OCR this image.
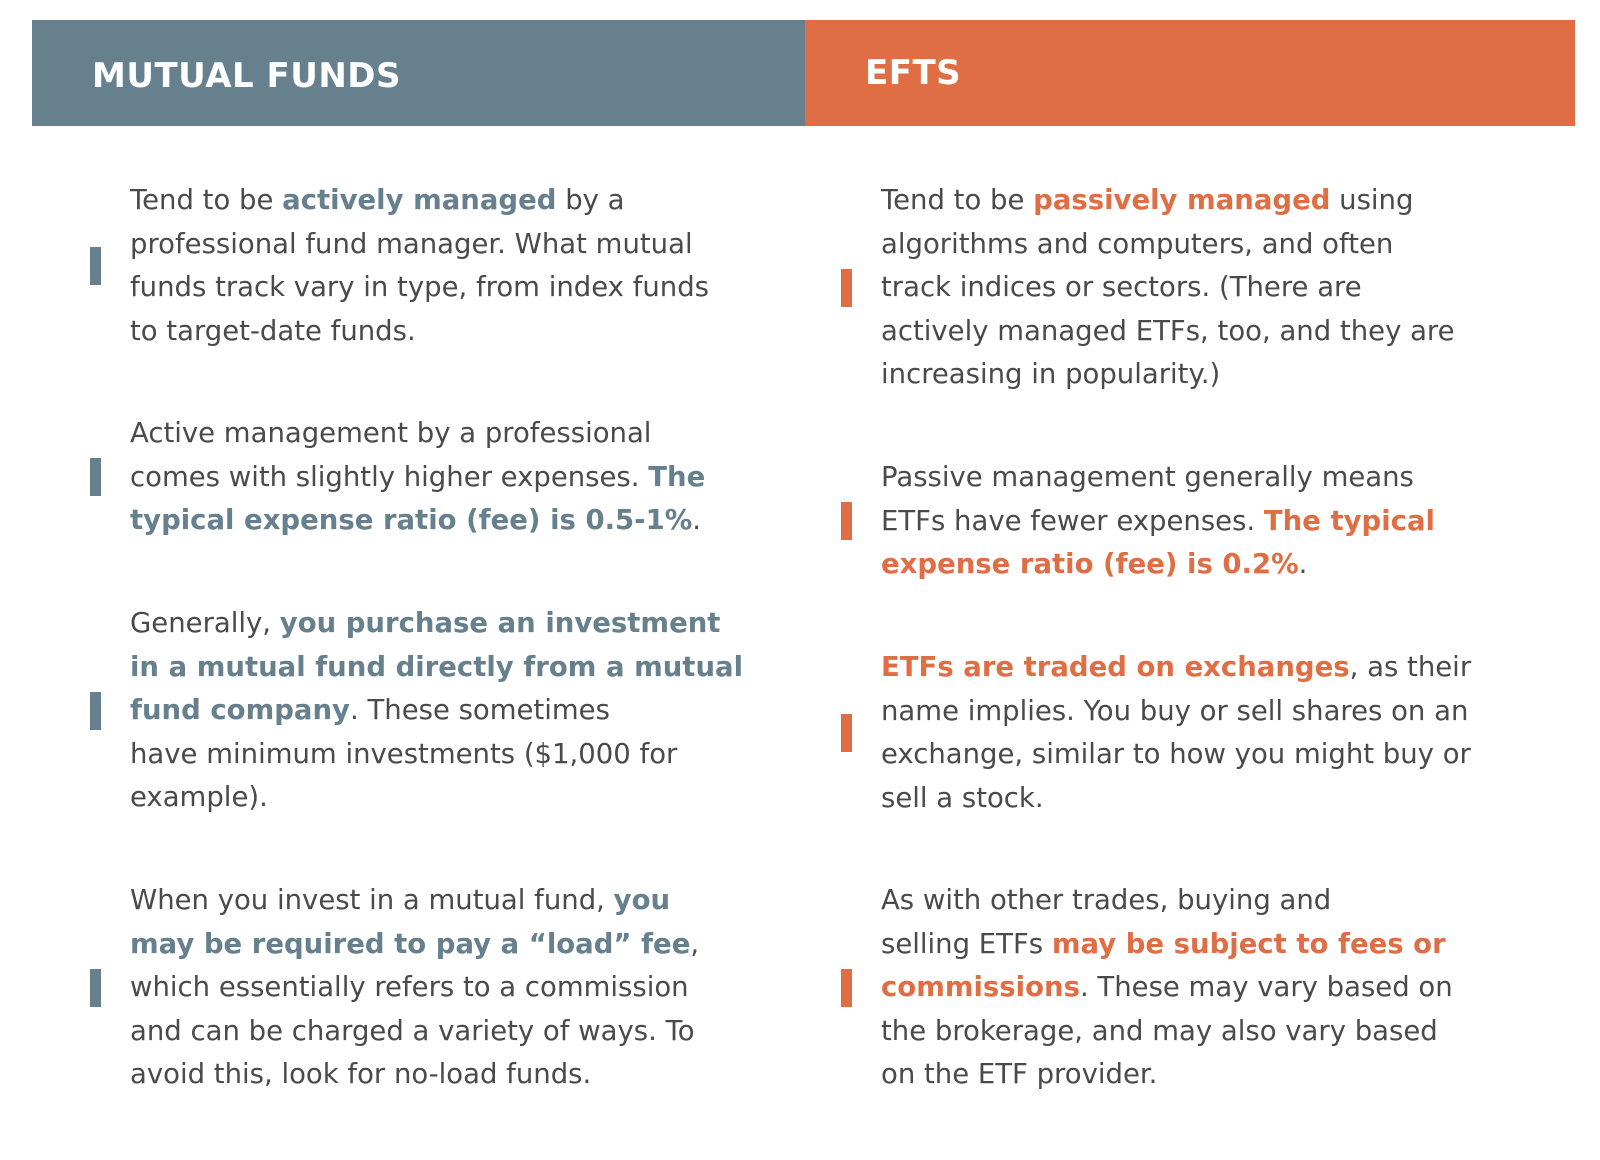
MUTUAL FUNDS	EFTS

Tend to be actively managed by a

professional fund manager. What mutual

funds track vary in type, from index funds

to target-date funds.

Active management by a professional

comes with slightly higher expenses. The

typical expense ratio (fee) is 0.5-1%.

Generally, you purchase an investment

in a mutual fund directly from a mutual

fund company. These sometimes

have minimum investments ($1,000 for

example).

When you invest in a mutual fund, you

may be required to pay a “load” fee,

which essentially refers to a commission

and can be charged a variety of ways. To

avoid this, look for no-load funds.

Tend to be passively managed using

algorithms and computers, and often

track indices or sectors. (There are

actively managed ETFs, too, and they are

increasing in popularity.)

Passive management generally means

ETFs have fewer expenses. The typical

expense ratio (fee) is 0.2%.

ETFs are traded on exchanges, as their

name implies. You buy or sell shares on an

exchange, similar to how you might buy or

sell a stock.

As with other trades, buying and

selling ETFs may be subject to fees or

commissions. These may vary based on

the brokerage, and may also vary based

on the ETF provider.
